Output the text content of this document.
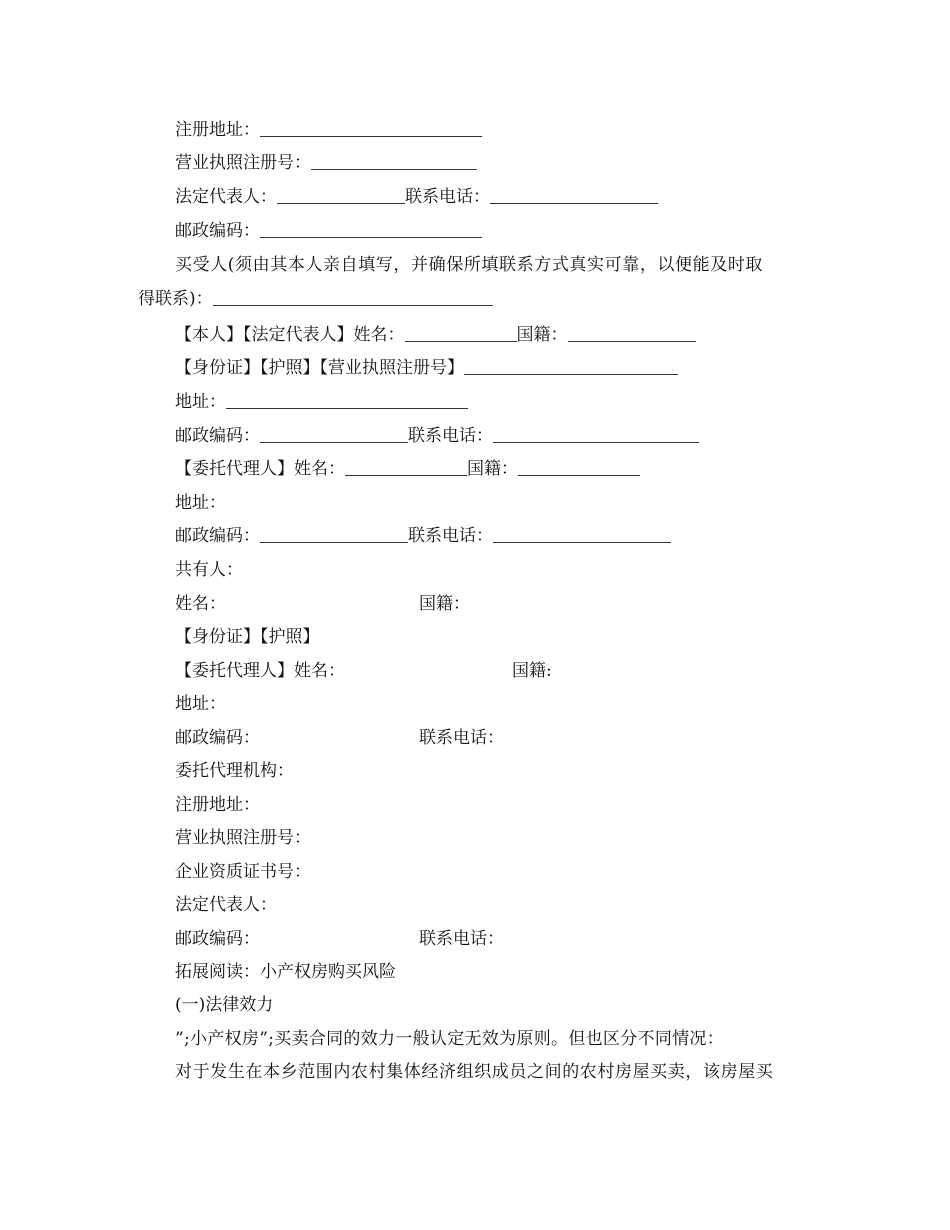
注册地址：
营业执照注册号：
法定代表人：	联系电话：
邮政编码：
买受人(须由其本人亲自填写，并确保所填联系方式真实可靠，以便能及时取
得联系)：
【本人】【法定代表人】姓名：	国籍：
【身份证】【护照】【营业执照注册号】
地址：
邮政编码：	联系电话：
【委托代理人】姓名：	国籍：
地址：
邮政编码：	联系电话：
共有人：
姓名：	国籍：
【身份证】【护照】
【委托代理人】姓名：	国籍:
地址：
邮政编码：	联系电话：
委托代理机构：
注册地址：
营业执照注册号：
企业资质证书号：
法定代表人：
邮政编码：	联系电话：
拓展阅读：小产权房购买风险
(一)法律效力
”;小产权房”;买卖合同的效力一般认定无效为原则。但也区分不同情况：
对于发生在本乡范围内农村集体经济组织成员之间的农村房屋买卖，该房屋买
